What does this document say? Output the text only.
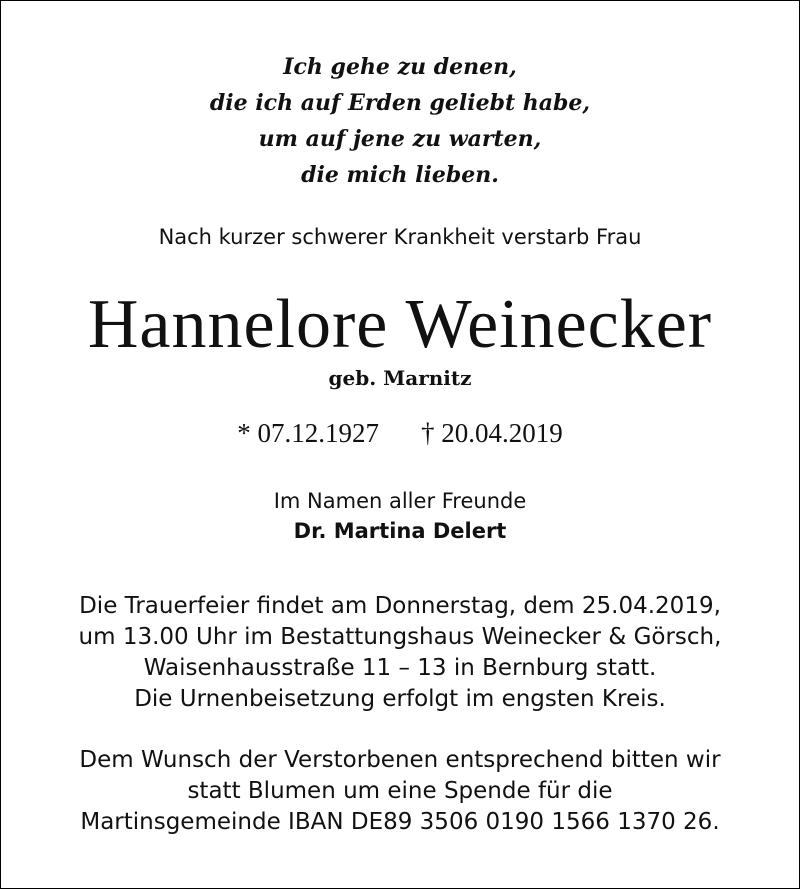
Ich gehe zu denen,
die ich auf Erden geliebt habe,
um auf jene zu warten,
die mich lieben.
Nach kurzer schwerer Krankheit verstarb Frau
Hannelore Weinecker
geb. Marnitz
* 07.12.1927 † 20.04.2019
Im Namen aller Freunde
Dr. Martina Delert
Die Trauerfeier findet am Donnerstag, dem 25.04.2019,
um 13.00 Uhr im Bestattungshaus Weinecker & Görsch,
Waisenhausstraße 11 – 13 in Bernburg statt.
Die Urnenbeisetzung erfolgt im engsten Kreis.
Dem Wunsch der Verstorbenen entsprechend bitten wir
statt Blumen um eine Spende für die
Martinsgemeinde IBAN DE89 3506 0190 1566 1370 26.
